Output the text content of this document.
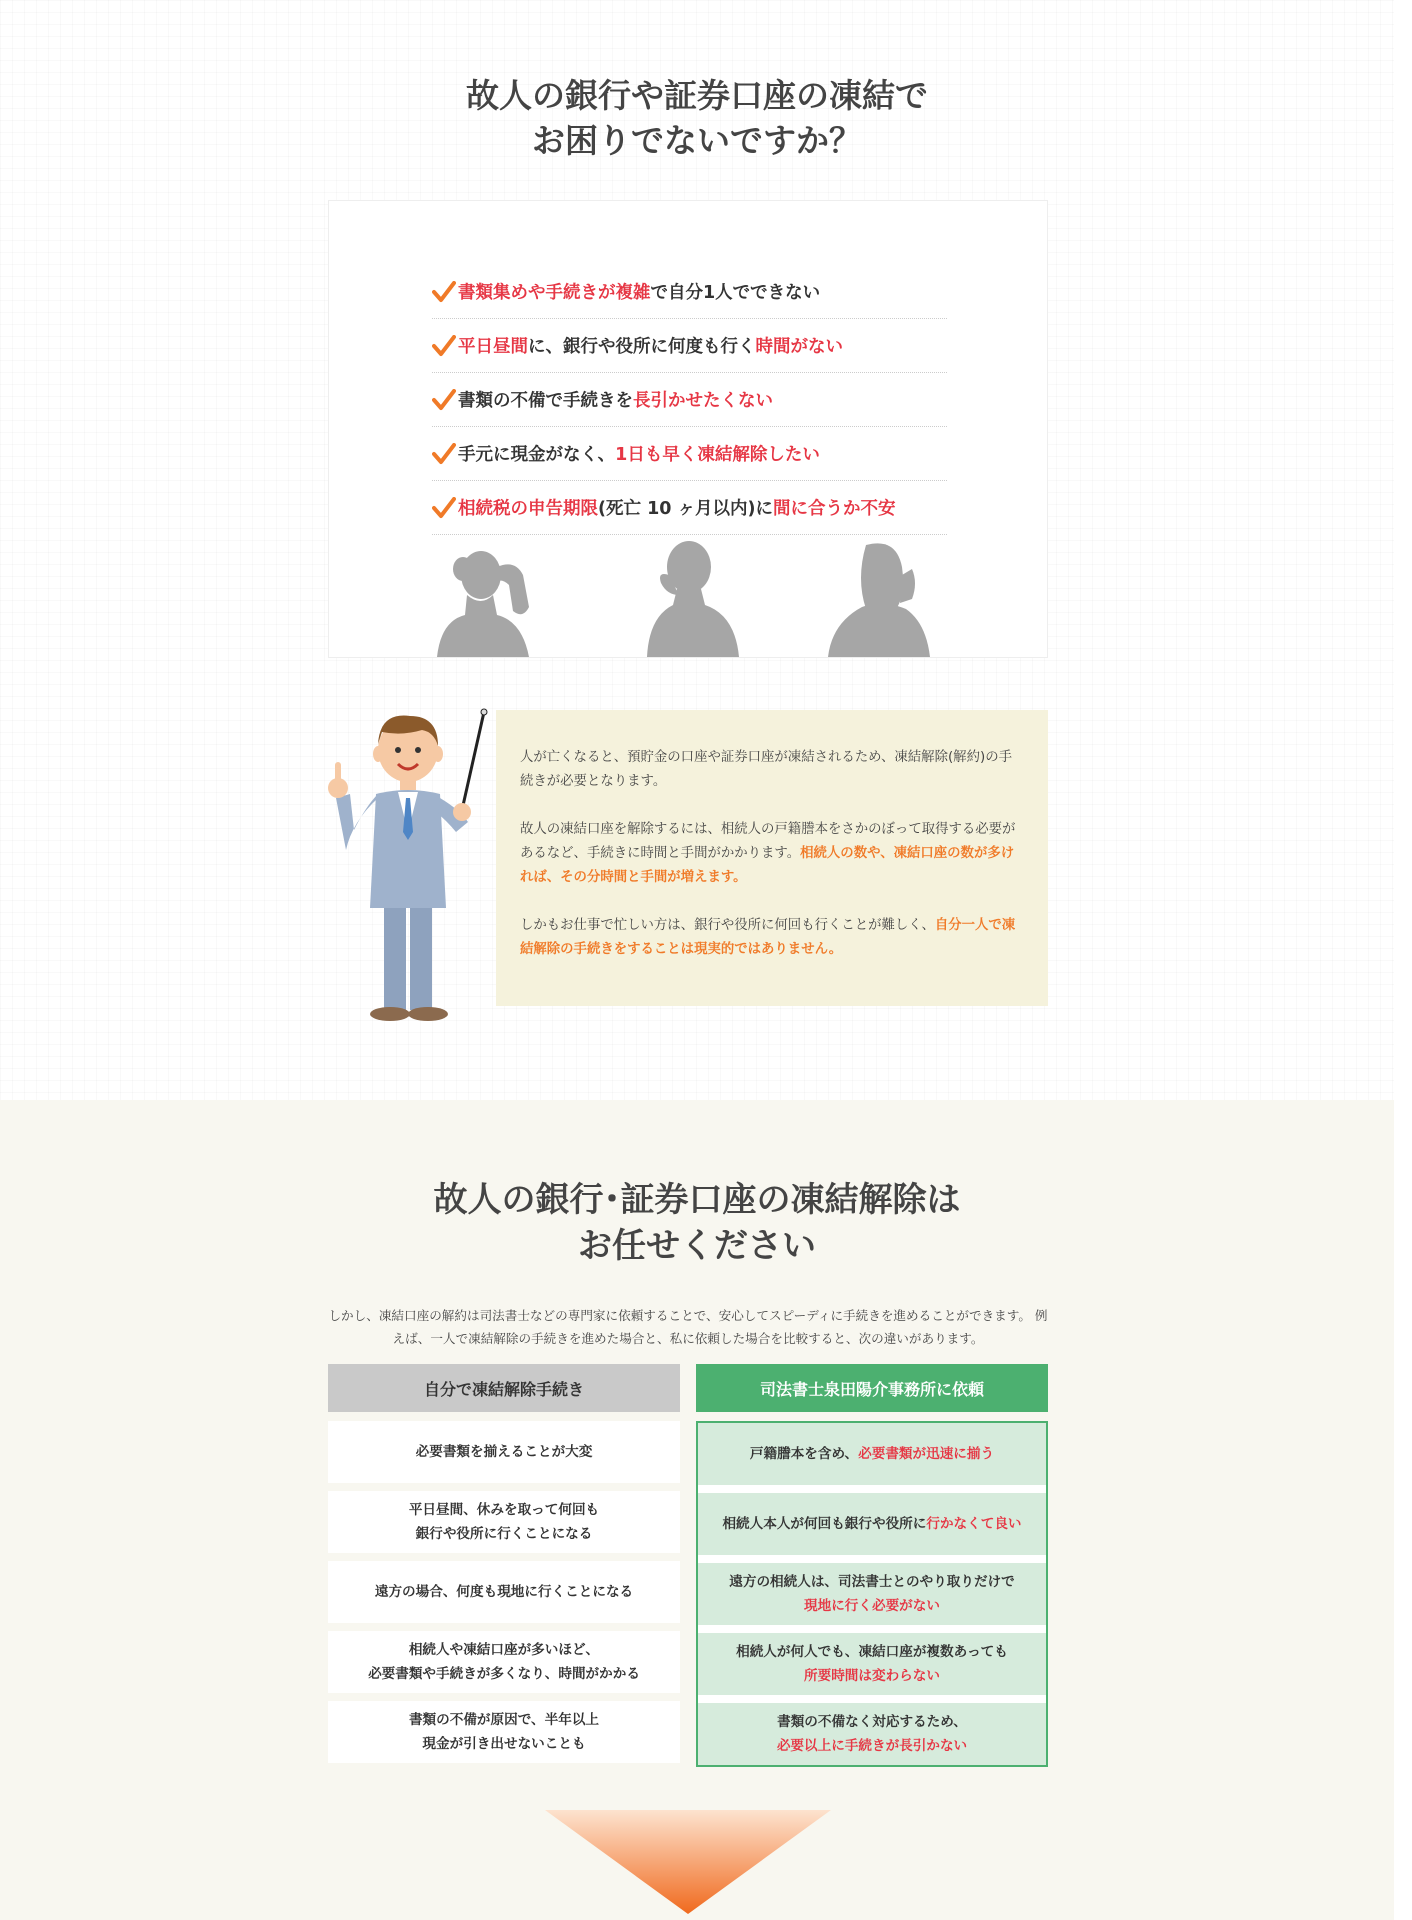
故人の銀行や証券口座の凍結で
お困りでないですか？
書類集めや手続きが複雑で自分1人でできない
平日昼間に、銀行や役所に何度も行く時間がない
書類の不備で手続きを長引かせたくない
手元に現金がなく、1日も早く凍結解除したい
相続税の申告期限(死亡 10 ヶ月以内)に間に合うか不安

人が亡くなると、預貯金の口座や証券口座が凍結されるため、凍結解除(解約)の手続きが必要となります。

故人の凍結口座を解除するには、相続人の戸籍謄本をさかのぼって取得する必要があるなど、手続きに時間と手間がかかります。相続人の数や、凍結口座の数が多ければ、その分時間と手間が増えます。

しかもお仕事で忙しい方は、銀行や役所に何回も行くことが難しく、自分一人で凍結解除の手続きをすることは現実的ではありません。

故人の銀行･証券口座の凍結解除は
お任せください

しかし、凍結口座の解約は司法書士などの専門家に依頼することで、安心してスピーディに手続きを進めることができます。 例えば、一人で凍結解除の手続きを進めた場合と、私に依頼した場合を比較すると、次の違いがあります。

自分で凍結解除手続き
必要書類を揃えることが大変
平日昼間、休みを取って何回も
銀行や役所に行くことになる
遠方の場合、何度も現地に行くことになる
相続人や凍結口座が多いほど、
必要書類や手続きが多くなり、時間がかかる
書類の不備が原因で、半年以上
現金が引き出せないことも
司法書士泉田陽介事務所に依頼
戸籍謄本を含め、必要書類が迅速に揃う
相続人本人が何回も銀行や役所に行かなくて良い
遠方の相続人は、司法書士とのやり取りだけで
現地に行く必要がない
相続人が何人でも、凍結口座が複数あっても
所要時間は変わらない
書類の不備なく対応するため、
必要以上に手続きが長引かない
